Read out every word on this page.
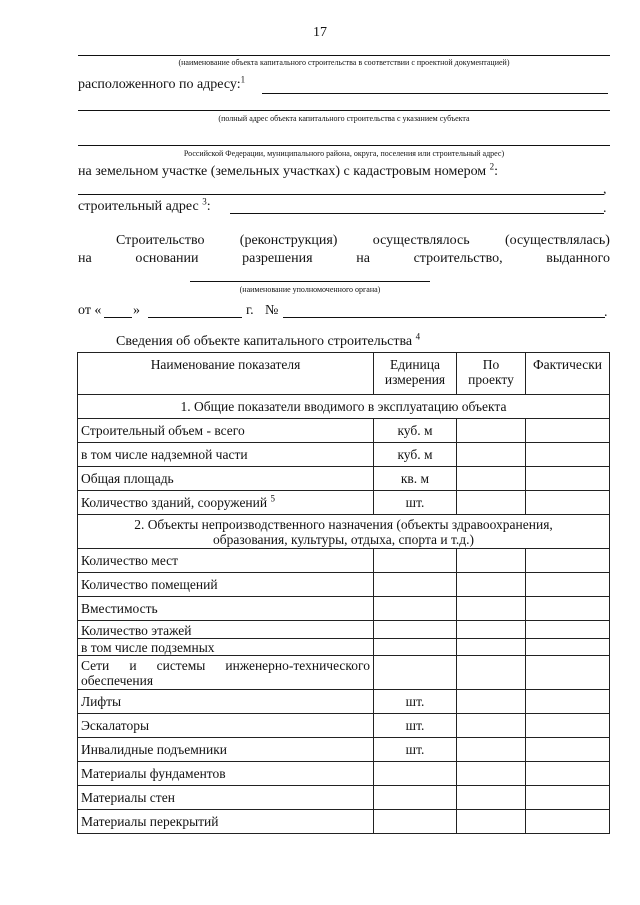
17
(наименование объекта капитального строительства в соответствии с проектной документацией)
расположенного по адресу:$^1$
(полный адрес объекта капитального строительства с указанием субъекта
Российской Федерации, муниципального района, округа, поселения или строительный адрес)
на земельном участке (земельных участках) с кадастровым номером $^2$:
,
строительный адрес $^3$:	.
Строительство	(реконструкция)	осуществлялось	(осуществлялась)
на	основании	разрешения	на	строительство,	выданного
(наименование уполномоченного органа)
от « »	г. №	.
Сведения об объекте капитального строительства $^4$
Наименование показателя	Единица измерения	По проекту	Фактически
1. Общие показатели вводимого в эксплуатацию объекта			
Строительный объем - всего	куб. м		
в том числе надземной части	куб. м		
Общая площадь	кв. м		
Количество зданий, сооружений $^5$	шт.		
2. Объекты непроизводственного назначения (объекты здравоохранения, образования, культуры, отдыха, спорта и т.д.)			
Количество мест			
Количество помещений			
Вместимость			
Количество этажей			
в том числе подземных			

Сети и системы инженерно-технического обеспечения			

Лифты	шт.		
Эскалаторы	шт.		
Инвалидные подъемники	шт.		
Материалы фундаментов			
Материалы стен			
Материалы перекрытий			
